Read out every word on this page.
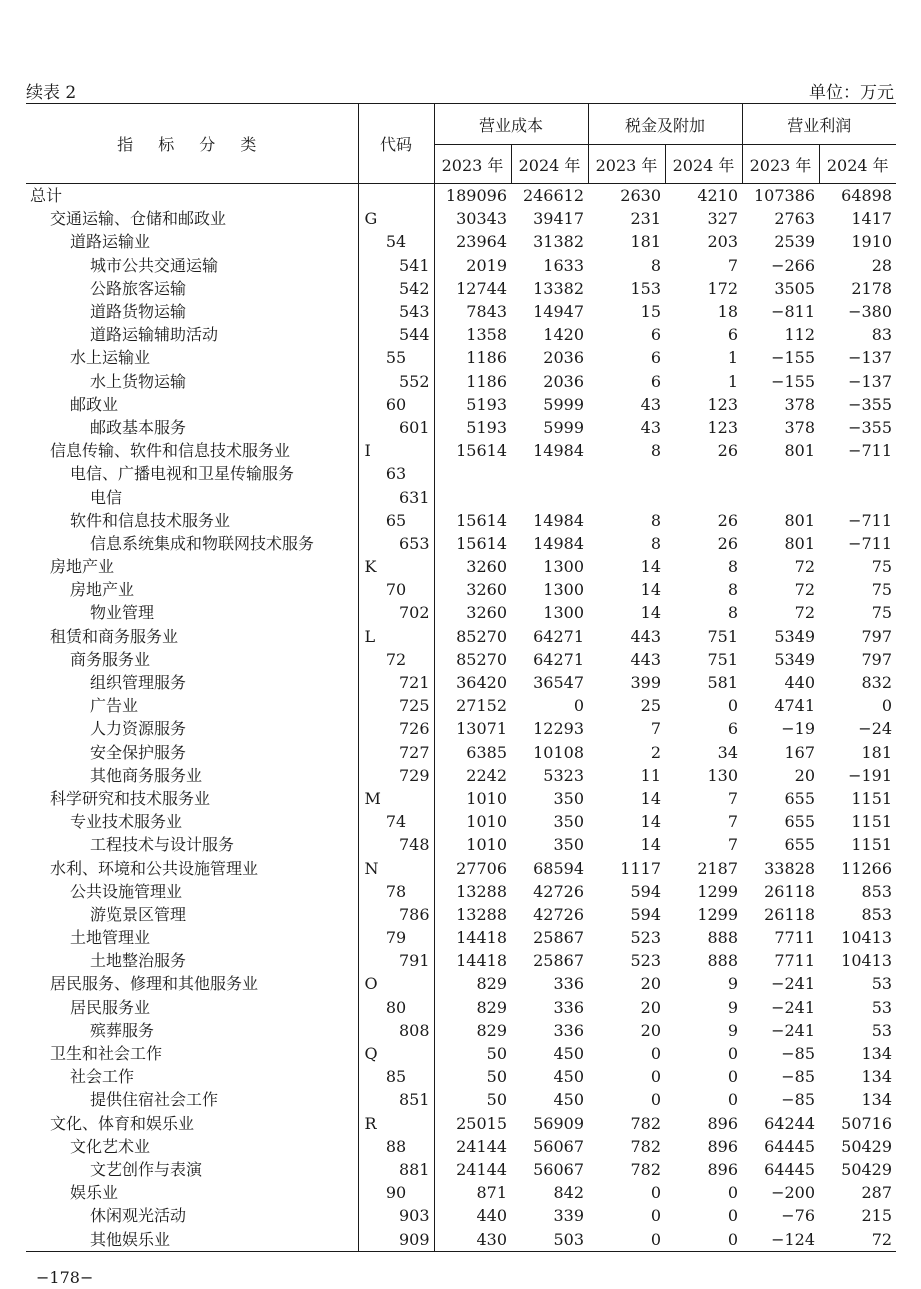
续表 2	单位：万元
指 标 分 类	代码	营业成本		税金及附加		营业利润	
		2023 年	2024 年	2023 年	2024 年	2023 年	2024 年
总计		189096	246612	2630	4210	107386	64898
交通运输、仓储和邮政业	G	30343	39417	231	327	2763	1417
道路运输业	54	23964	31382	181	203	2539	1910
城市公共交通运输	541	2019	1633	8	7	−266	28
公路旅客运输	542	12744	13382	153	172	3505	2178
道路货物运输	543	7843	14947	15	18	−811	−380
道路运输辅助活动	544	1358	1420	6	6	112	83
水上运输业	55	1186	2036	6	1	−155	−137
水上货物运输	552	1186	2036	6	1	−155	−137
邮政业	60	5193	5999	43	123	378	−355
邮政基本服务	601	5193	5999	43	123	378	−355
信息传输、软件和信息技术服务业	I	15614	14984	8	26	801	−711
电信、广播电视和卫星传输服务	63						
电信	631						
软件和信息技术服务业	65	15614	14984	8	26	801	−711
信息系统集成和物联网技术服务	653	15614	14984	8	26	801	−711
房地产业	K	3260	1300	14	8	72	75
房地产业	70	3260	1300	14	8	72	75
物业管理	702	3260	1300	14	8	72	75
租赁和商务服务业	L	85270	64271	443	751	5349	797
商务服务业	72	85270	64271	443	751	5349	797
组织管理服务	721	36420	36547	399	581	440	832
广告业	725	27152	0	25	0	4741	0
人力资源服务	726	13071	12293	7	6	−19	−24
安全保护服务	727	6385	10108	2	34	167	181
其他商务服务业	729	2242	5323	11	130	20	−191
科学研究和技术服务业	M	1010	350	14	7	655	1151
专业技术服务业	74	1010	350	14	7	655	1151
工程技术与设计服务	748	1010	350	14	7	655	1151
水利、环境和公共设施管理业	N	27706	68594	1117	2187	33828	11266
公共设施管理业	78	13288	42726	594	1299	26118	853
游览景区管理	786	13288	42726	594	1299	26118	853
土地管理业	79	14418	25867	523	888	7711	10413
土地整治服务	791	14418	25867	523	888	7711	10413
居民服务、修理和其他服务业	O	829	336	20	9	−241	53
居民服务业	80	829	336	20	9	−241	53
殡葬服务	808	829	336	20	9	−241	53
卫生和社会工作	Q	50	450	0	0	−85	134
社会工作	85	50	450	0	0	−85	134
提供住宿社会工作	851	50	450	0	0	−85	134
文化、体育和娱乐业	R	25015	56909	782	896	64244	50716
文化艺术业	88	24144	56067	782	896	64445	50429
文艺创作与表演	881	24144	56067	782	896	64445	50429
娱乐业	90	871	842	0	0	−200	287
休闲观光活动	903	440	339	0	0	−76	215
其他娱乐业	909	430	503	0	0	−124	72
−178−
